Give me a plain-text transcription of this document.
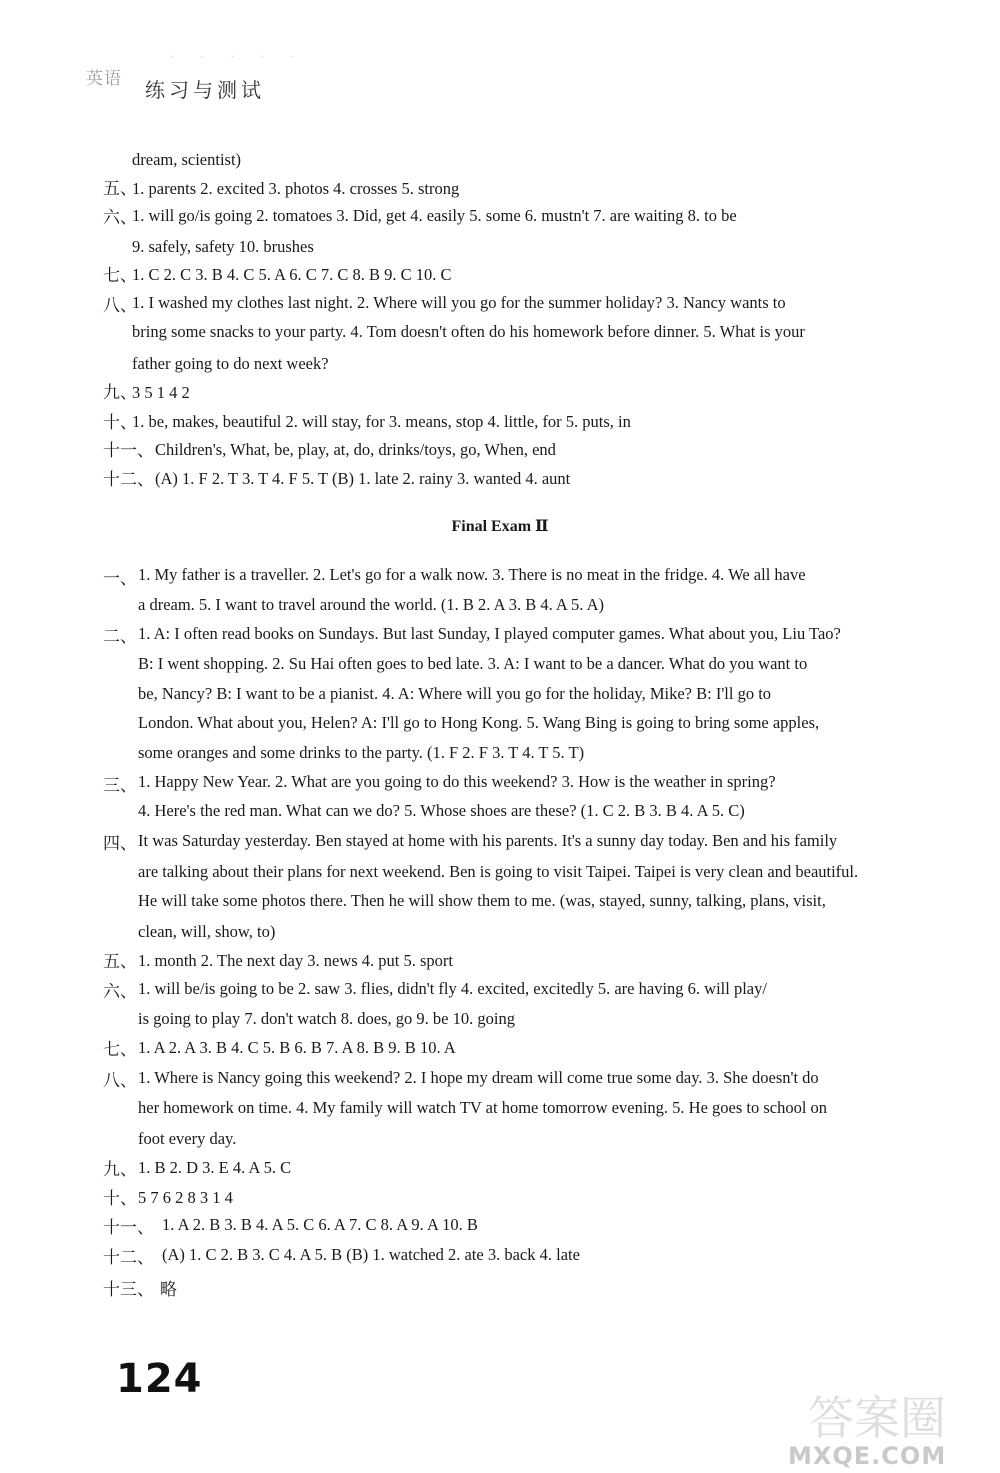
英语
· · · · ·
练习与测试
dream, scientist)
五、
1. parents 2. excited 3. photos 4. crosses 5. strong
六、
1. will go/is going 2. tomatoes 3. Did, get 4. easily 5. some 6. mustn't 7. are waiting 8. to be
9. safely, safety 10. brushes
七、
1. C 2. C 3. B 4. C 5. A 6. C 7. C 8. B 9. C 10. C
八、
1. I washed my clothes last night. 2. Where will you go for the summer holiday? 3. Nancy wants to
bring some snacks to your party. 4. Tom doesn't often do his homework before dinner. 5. What is your
father going to do next week?
九、
3 5 1 4 2
十、
1. be, makes, beautiful 2. will stay, for 3. means, stop 4. little, for 5. puts, in
十一、 Children's, What, be, play, at, do, drinks/toys, go, When, end
十二、 (A) 1. F 2. T 3. T 4. F 5. T (B) 1. late 2. rainy 3. wanted 4. aunt
Final Exam Ⅱ
一、 1. My father is a traveller. 2. Let's go for a walk now. 3. There is no meat in the fridge. 4. We all have
a dream. 5. I want to travel around the world. (1. B 2. A 3. B 4. A 5. A)
二、 1. A: I often read books on Sundays. But last Sunday, I played computer games. What about you, Liu Tao?
B: I went shopping. 2. Su Hai often goes to bed late. 3. A: I want to be a dancer. What do you want to
be, Nancy? B: I want to be a pianist. 4. A: Where will you go for the holiday, Mike? B: I'll go to
London. What about you, Helen? A: I'll go to Hong Kong. 5. Wang Bing is going to bring some apples,
some oranges and some drinks to the party. (1. F 2. F 3. T 4. T 5. T)
三、 1. Happy New Year. 2. What are you going to do this weekend? 3. How is the weather in spring?
4. Here's the red man. What can we do? 5. Whose shoes are these? (1. C 2. B 3. B 4. A 5. C)
四、 It was Saturday yesterday. Ben stayed at home with his parents. It's a sunny day today. Ben and his family
are talking about their plans for next weekend. Ben is going to visit Taipei. Taipei is very clean and beautiful.
He will take some photos there. Then he will show them to me. (was, stayed, sunny, talking, plans, visit,
clean, will, show, to)
五、 1. month 2. The next day 3. news 4. put 5. sport
六、 1. will be/is going to be 2. saw 3. flies, didn't fly 4. excited, excitedly 5. are having 6. will play/
is going to play 7. don't watch 8. does, go 9. be 10. going
七、 1. A 2. A 3. B 4. C 5. B 6. B 7. A 8. B 9. B 10. A
八、 1. Where is Nancy going this weekend? 2. I hope my dream will come true some day. 3. She doesn't do
her homework on time. 4. My family will watch TV at home tomorrow evening. 5. He goes to school on
foot every day.
九、 1. B 2. D 3. E 4. A 5. C
十、 5 7 6 2 8 3 1 4
十一、 1. A 2. B 3. B 4. A 5. C 6. A 7. C 8. A 9. A 10. B
十二、 (A) 1. C 2. B 3. C 4. A 5. B (B) 1. watched 2. ate 3. back 4. late
十三、 略
124
答案圈
MXQE.COM
